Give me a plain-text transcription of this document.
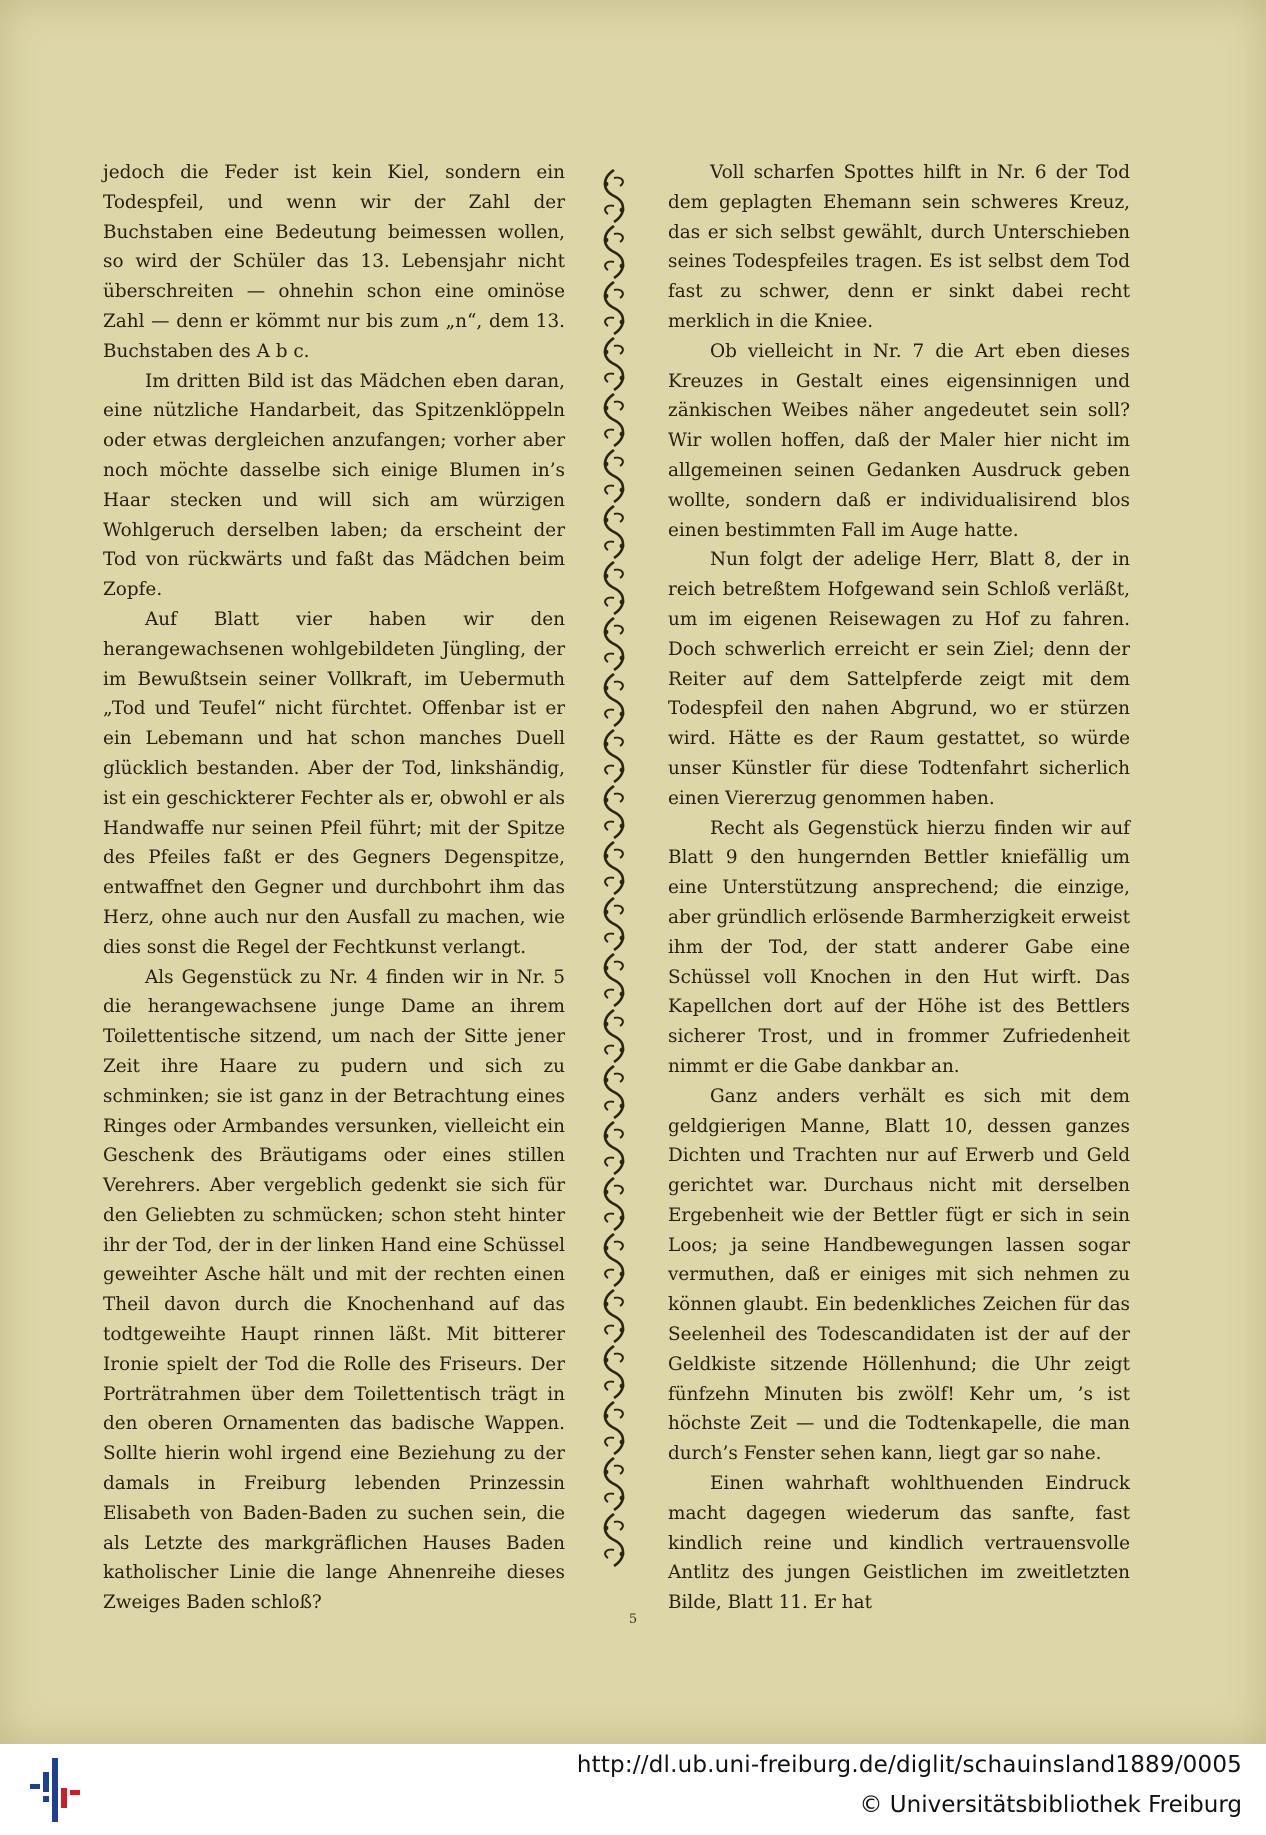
jedoch die Feder ist kein Kiel, sondern ein Todespfeil, und wenn wir der Zahl der Buchstaben eine Bedeutung beimessen wollen, so wird der Schüler das 13. Lebensjahr nicht überschreiten — ohnehin schon eine ominöse Zahl — denn er kömmt nur bis zum „n“, dem 13. Buchstaben des A b c.

Im dritten Bild ist das Mädchen eben daran, eine nützliche Handarbeit, das Spitzenklöppeln oder etwas dergleichen anzufangen; vorher aber noch möchte dasselbe sich einige Blumen in’s Haar stecken und will sich am würzigen Wohlgeruch derselben laben; da erscheint der Tod von rückwärts und faßt das Mädchen beim Zopfe.

Auf Blatt vier haben wir den herangewachsenen wohlgebildeten Jüngling, der im Bewußtsein seiner Vollkraft, im Uebermuth „Tod und Teufel“ nicht fürchtet. Offenbar ist er ein Lebemann und hat schon manches Duell glücklich bestanden. Aber der Tod, linkshändig, ist ein geschickterer Fechter als er, obwohl er als Handwaffe nur seinen Pfeil führt; mit der Spitze des Pfeiles faßt er des Gegners Degenspitze, entwaffnet den Gegner und durchbohrt ihm das Herz, ohne auch nur den Ausfall zu machen, wie dies sonst die Regel der Fechtkunst verlangt.

Als Gegenstück zu Nr. 4 finden wir in Nr. 5 die herangewachsene junge Dame an ihrem Toilettentische sitzend, um nach der Sitte jener Zeit ihre Haare zu pudern und sich zu schminken; sie ist ganz in der Betrachtung eines Ringes oder Armbandes versunken, vielleicht ein Geschenk des Bräutigams oder eines stillen Verehrers. Aber vergeblich gedenkt sie sich für den Geliebten zu schmücken; schon steht hinter ihr der Tod, der in der linken Hand eine Schüssel geweihter Asche hält und mit der rechten einen Theil davon durch die Knochenhand auf das todtgeweihte Haupt rinnen läßt. Mit bitterer Ironie spielt der Tod die Rolle des Friseurs. Der Porträtrahmen über dem Toilettentisch trägt in den oberen Ornamenten das badische Wappen. Sollte hierin wohl irgend eine Beziehung zu der damals in Freiburg lebenden Prinzessin Elisabeth von Baden-Baden zu suchen sein, die als Letzte des markgräflichen Hauses Baden katholischer Linie die lange Ahnenreihe dieses Zweiges Baden schloß?

Voll scharfen Spottes hilft in Nr. 6 der Tod dem geplagten Ehemann sein schweres Kreuz, das er sich selbst gewählt, durch Unterschieben seines Todespfeiles tragen. Es ist selbst dem Tod fast zu schwer, denn er sinkt dabei recht merklich in die Kniee.

Ob vielleicht in Nr. 7 die Art eben dieses Kreuzes in Gestalt eines eigensinnigen und zänkischen Weibes näher angedeutet sein soll? Wir wollen hoffen, daß der Maler hier nicht im allgemeinen seinen Gedanken Ausdruck geben wollte, sondern daß er individualisirend blos einen bestimmten Fall im Auge hatte.

Nun folgt der adelige Herr, Blatt 8, der in reich betreßtem Hofgewand sein Schloß verläßt, um im eigenen Reisewagen zu Hof zu fahren. Doch schwerlich erreicht er sein Ziel; denn der Reiter auf dem Sattelpferde zeigt mit dem Todespfeil den nahen Abgrund, wo er stürzen wird. Hätte es der Raum gestattet, so würde unser Künstler für diese Todtenfahrt sicherlich einen Viererzug genommen haben.

Recht als Gegenstück hierzu finden wir auf Blatt 9 den hungernden Bettler kniefällig um eine Unterstützung ansprechend; die einzige, aber gründlich erlösende Barmherzigkeit erweist ihm der Tod, der statt anderer Gabe eine Schüssel voll Knochen in den Hut wirft. Das Kapellchen dort auf der Höhe ist des Bettlers sicherer Trost, und in frommer Zufriedenheit nimmt er die Gabe dankbar an.

Ganz anders verhält es sich mit dem geldgierigen Manne, Blatt 10, dessen ganzes Dichten und Trachten nur auf Erwerb und Geld gerichtet war. Durchaus nicht mit derselben Ergebenheit wie der Bettler fügt er sich in sein Loos; ja seine Handbewegungen lassen sogar vermuthen, daß er einiges mit sich nehmen zu können glaubt. Ein bedenkliches Zeichen für das Seelenheil des Todescandidaten ist der auf der Geldkiste sitzende Höllenhund; die Uhr zeigt fünfzehn Minuten bis zwölf! Kehr um, ’s ist höchste Zeit — und die Todtenkapelle, die man durch’s Fenster sehen kann, liegt gar so nahe.

Einen wahrhaft wohlthuenden Eindruck macht dagegen wiederum das sanfte, fast kindlich reine und kindlich vertrauensvolle Antlitz des jungen Geistlichen im zweitletzten Bilde, Blatt 11. Er hat

5
http://dl.ub.uni-freiburg.de/diglit/schauinsland1889/0005
© Universitätsbibliothek Freiburg
